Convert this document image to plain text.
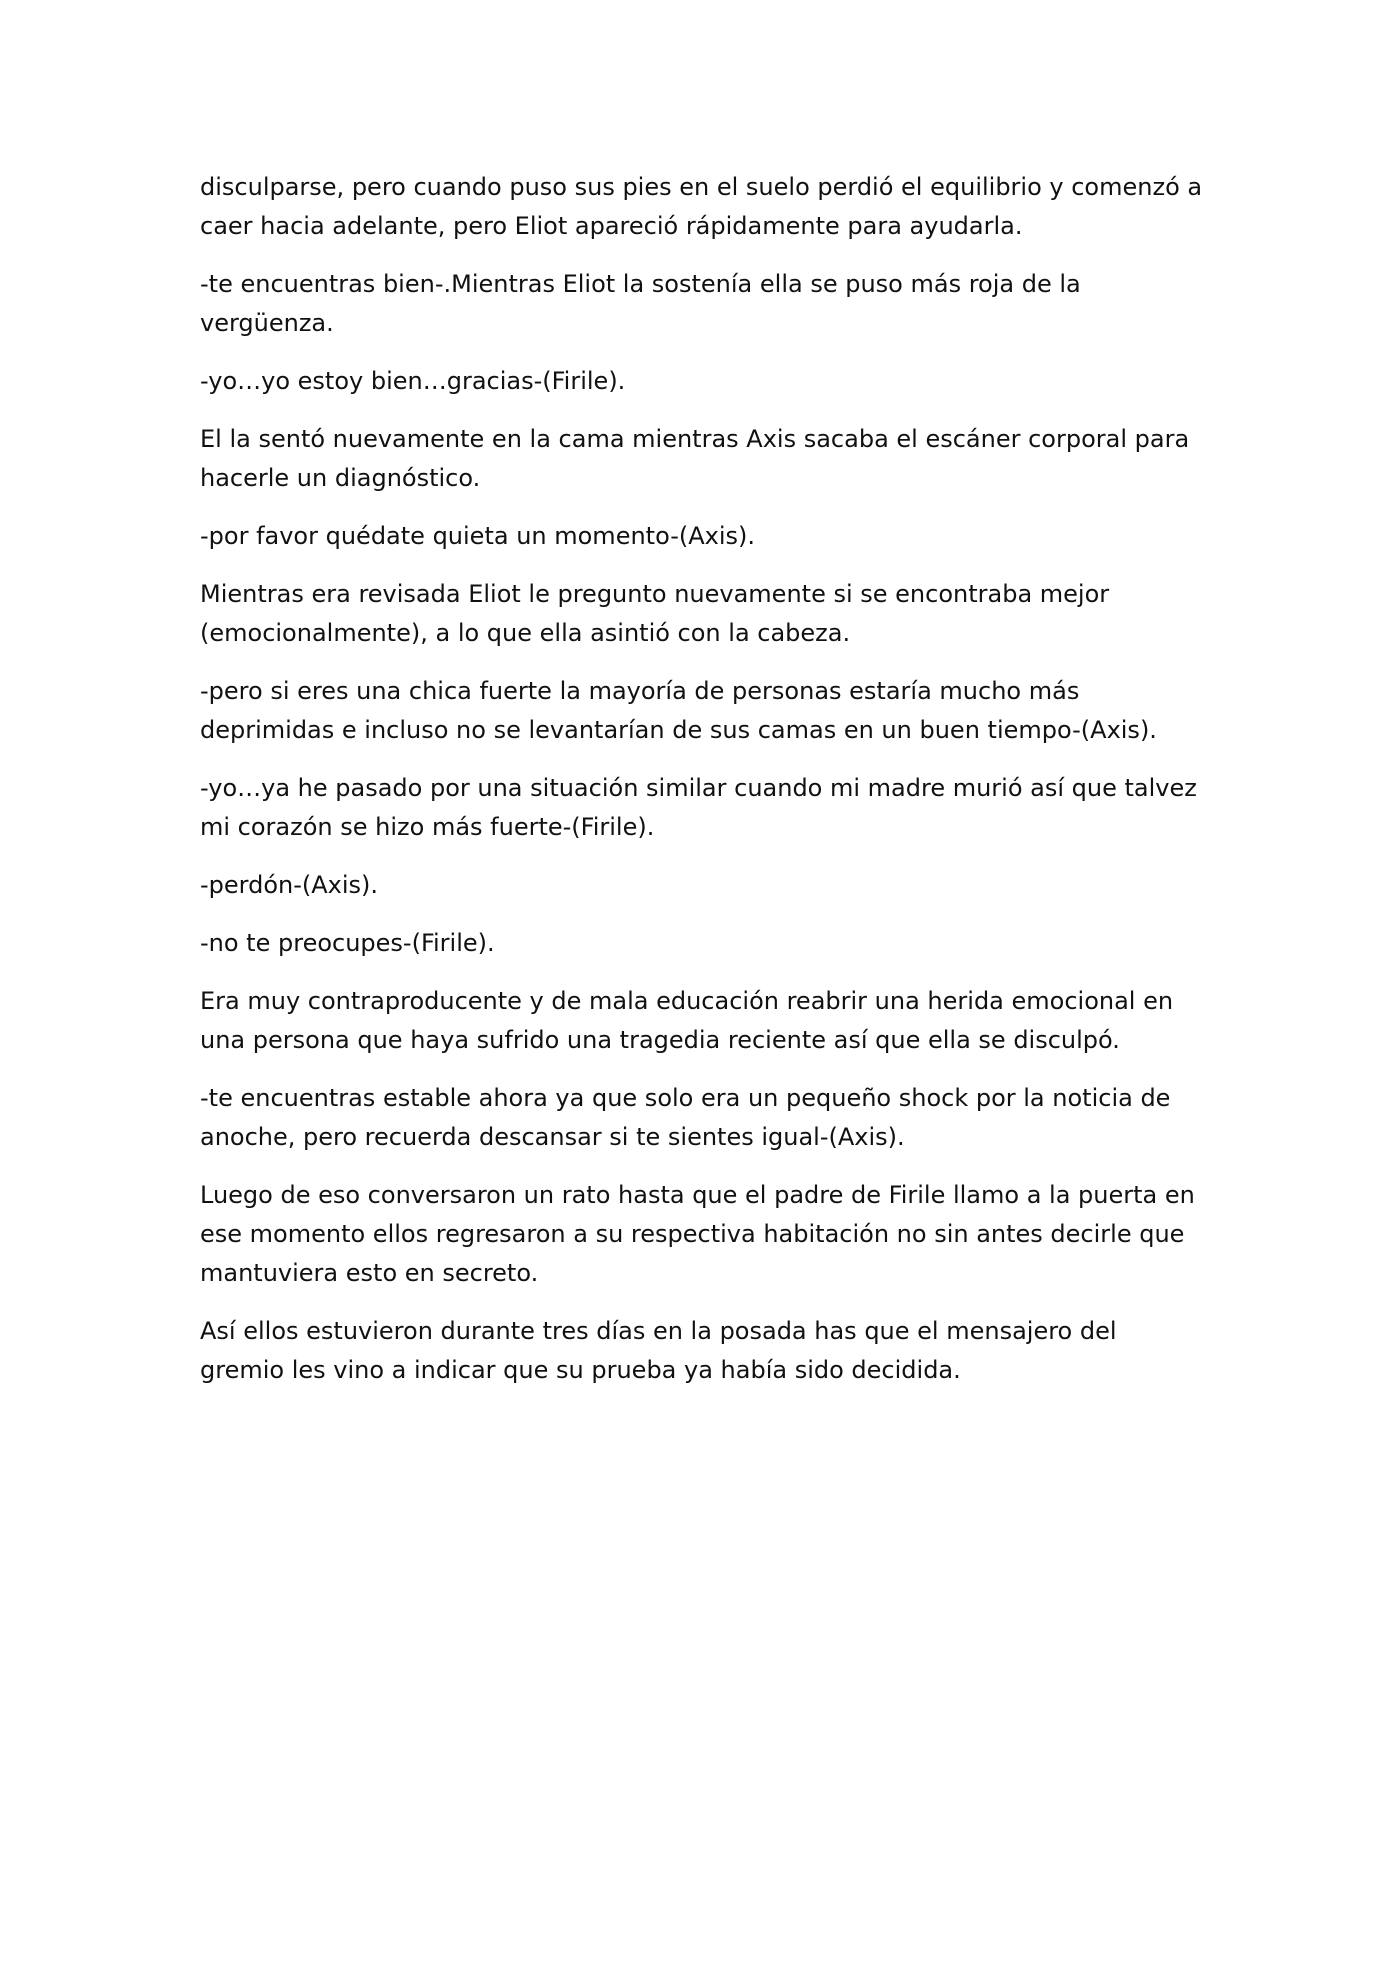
disculparse, pero cuando puso sus pies en el suelo perdió el equilibrio y comenzó a caer hacia adelante, pero Eliot apareció rápidamente para ayudarla.

-te encuentras bien-.Mientras Eliot la sostenía ella se puso más roja de la vergüenza.

-yo…yo estoy bien…gracias-(Firile).

El la sentó nuevamente en la cama mientras Axis sacaba el escáner corporal para hacerle un diagnóstico.

-por favor quédate quieta un momento-(Axis).

Mientras era revisada Eliot le pregunto nuevamente si se encontraba mejor (emocionalmente), a lo que ella asintió con la cabeza.

-pero si eres una chica fuerte la mayoría de personas estaría mucho más deprimidas e incluso no se levantarían de sus camas en un buen tiempo-(Axis).

-yo…ya he pasado por una situación similar cuando mi madre murió así que talvez mi corazón se hizo más fuerte-(Firile).

-perdón-(Axis).

-no te preocupes-(Firile).

Era muy contraproducente y de mala educación reabrir una herida emocional en una persona que haya sufrido una tragedia reciente así que ella se disculpó.

-te encuentras estable ahora ya que solo era un pequeño shock por la noticia de anoche, pero recuerda descansar si te sientes igual-(Axis).

Luego de eso conversaron un rato hasta que el padre de Firile llamo a la puerta en ese momento ellos regresaron a su respectiva habitación no sin antes decirle que mantuviera esto en secreto.

Así ellos estuvieron durante tres días en la posada has que el mensajero del gremio les vino a indicar que su prueba ya había sido decidida.
